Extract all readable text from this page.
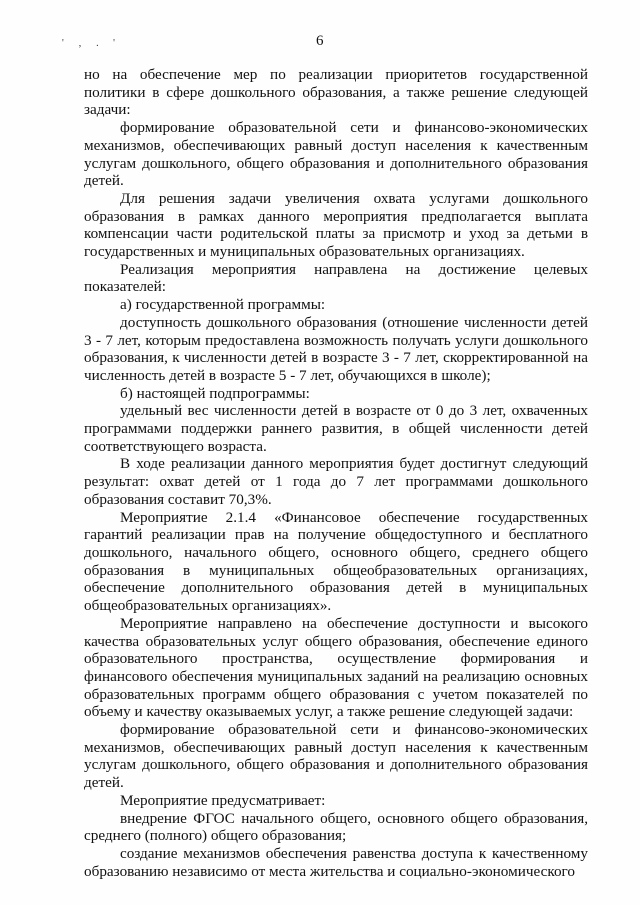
' ‚ . '	6

но на обеспечение мер по реализации приоритетов государственной политики в сфере дошкольного образования, а также решение следующей задачи:

формирование образовательной сети и финансово-экономических механизмов, обеспечивающих равный доступ населения к качественным услугам дошкольного, общего образования и дополнительного образования детей.

Для решения задачи увеличения охвата услугами дошкольного образования в рамках данного мероприятия предполагается выплата компенсации части родительской платы за присмотр и уход за детьми в государственных и муниципальных образовательных организациях.

Реализация мероприятия направлена на достижение целевых показателей:

а) государственной программы:

доступность дошкольного образования (отношение численности детей 3 - 7 лет, которым предоставлена возможность получать услуги дошкольного образования, к численности детей в возрасте 3 - 7 лет, скорректированной на численность детей в возрасте 5 - 7 лет, обучающихся в школе);

б) настоящей подпрограммы:

удельный вес численности детей в возрасте от 0 до 3 лет, охваченных программами поддержки раннего развития, в общей численности детей соответствующего возраста.

В ходе реализации данного мероприятия будет достигнут следующий результат: охват детей от 1 года до 7 лет программами дошкольного образования составит 70,3%.

Мероприятие 2.1.4 «Финансовое обеспечение государственных гарантий реализации прав на получение общедоступного и бесплатного дошкольного, начального общего, основного общего, среднего общего образования в муниципальных общеобразовательных организациях, обеспечение дополнительного образования детей в муниципальных общеобразовательных организациях».

Мероприятие направлено на обеспечение доступности и высокого качества образовательных услуг общего образования, обеспечение единого образовательного пространства, осуществление формирования и финансового обеспечения муниципальных заданий на реализацию основных образовательных программ общего образования с учетом показателей по объему и качеству оказываемых услуг, а также решение следующей задачи:

формирование образовательной сети и финансово-экономических механизмов, обеспечивающих равный доступ населения к качественным услугам дошкольного, общего образования и дополнительного образования детей.

Мероприятие предусматривает:

внедрение ФГОС начального общего, основного общего образования, среднего (полного) общего образования;

создание механизмов обеспечения равенства доступа к качественному образованию независимо от места жительства и социально-экономического
